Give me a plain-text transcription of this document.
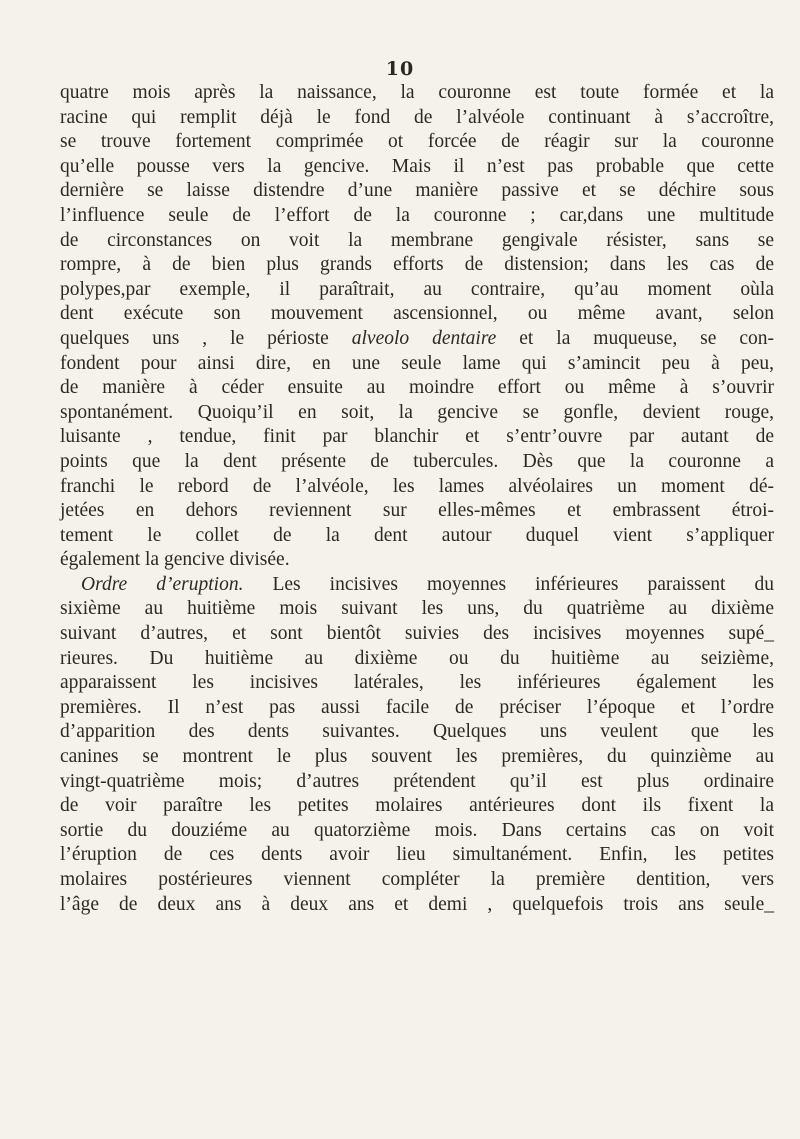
10
quatre mois après la naissance, la couronne est toute formée et la
racine qui remplit déjà le fond de l’alvéole continuant à s’accroître,
se trouve fortement comprimée ot forcée de réagir sur la couronne
qu’elle pousse vers la gencive. Mais il n’est pas probable que cette
dernière se laisse distendre d’une manière passive et se déchire sous
l’influence seule de l’effort de la couronne ; car,dans une multitude
de circonstances on voit la membrane gengivale résister, sans se
rompre, à de bien plus grands efforts de distension; dans les cas de
polypes,par exemple, il paraîtrait, au contraire, qu’au moment oùla
dent exécute son mouvement ascensionnel, ou même avant, selon
quelques uns , le périoste alveolo dentaire et la muqueuse, se con-
fondent pour ainsi dire, en une seule lame qui s’amincit peu à peu,
de manière à céder ensuite au moindre effort ou même à s’ouvrir
spontanément. Quoiqu’il en soit, la gencive se gonfle, devient rouge,
luisante , tendue, finit par blanchir et s’entr’ouvre par autant de
points que la dent présente de tubercules. Dès que la couronne a
franchi le rebord de l’alvéole, les lames alvéolaires un moment dé-
jetées en dehors reviennent sur elles-mêmes et embrassent étroi-
tement le collet de la dent autour duquel vient s’appliquer
également la gencive divisée.
Ordre d’eruption. Les incisives moyennes inférieures paraissent du
sixième au huitième mois suivant les uns, du quatrième au dixième
suivant d’autres, et sont bientôt suivies des incisives moyennes supé_
rieures. Du huitième au dixième ou du huitième au seizième,
apparaissent les incisives latérales, les inférieures également les
premières. Il n’est pas aussi facile de préciser l’époque et l’ordre
d’apparition des dents suivantes. Quelques uns veulent que les
canines se montrent le plus souvent les premières, du quinzième au
vingt-quatrième mois; d’autres prétendent qu’il est plus ordinaire
de voir paraître les petites molaires antérieures dont ils fixent la
sortie du douziéme au quatorzième mois. Dans certains cas on voit
l’éruption de ces dents avoir lieu simultanément. Enfin, les petites
molaires postérieures viennent compléter la première dentition, vers
l’âge de deux ans à deux ans et demi , quelquefois trois ans seule_
